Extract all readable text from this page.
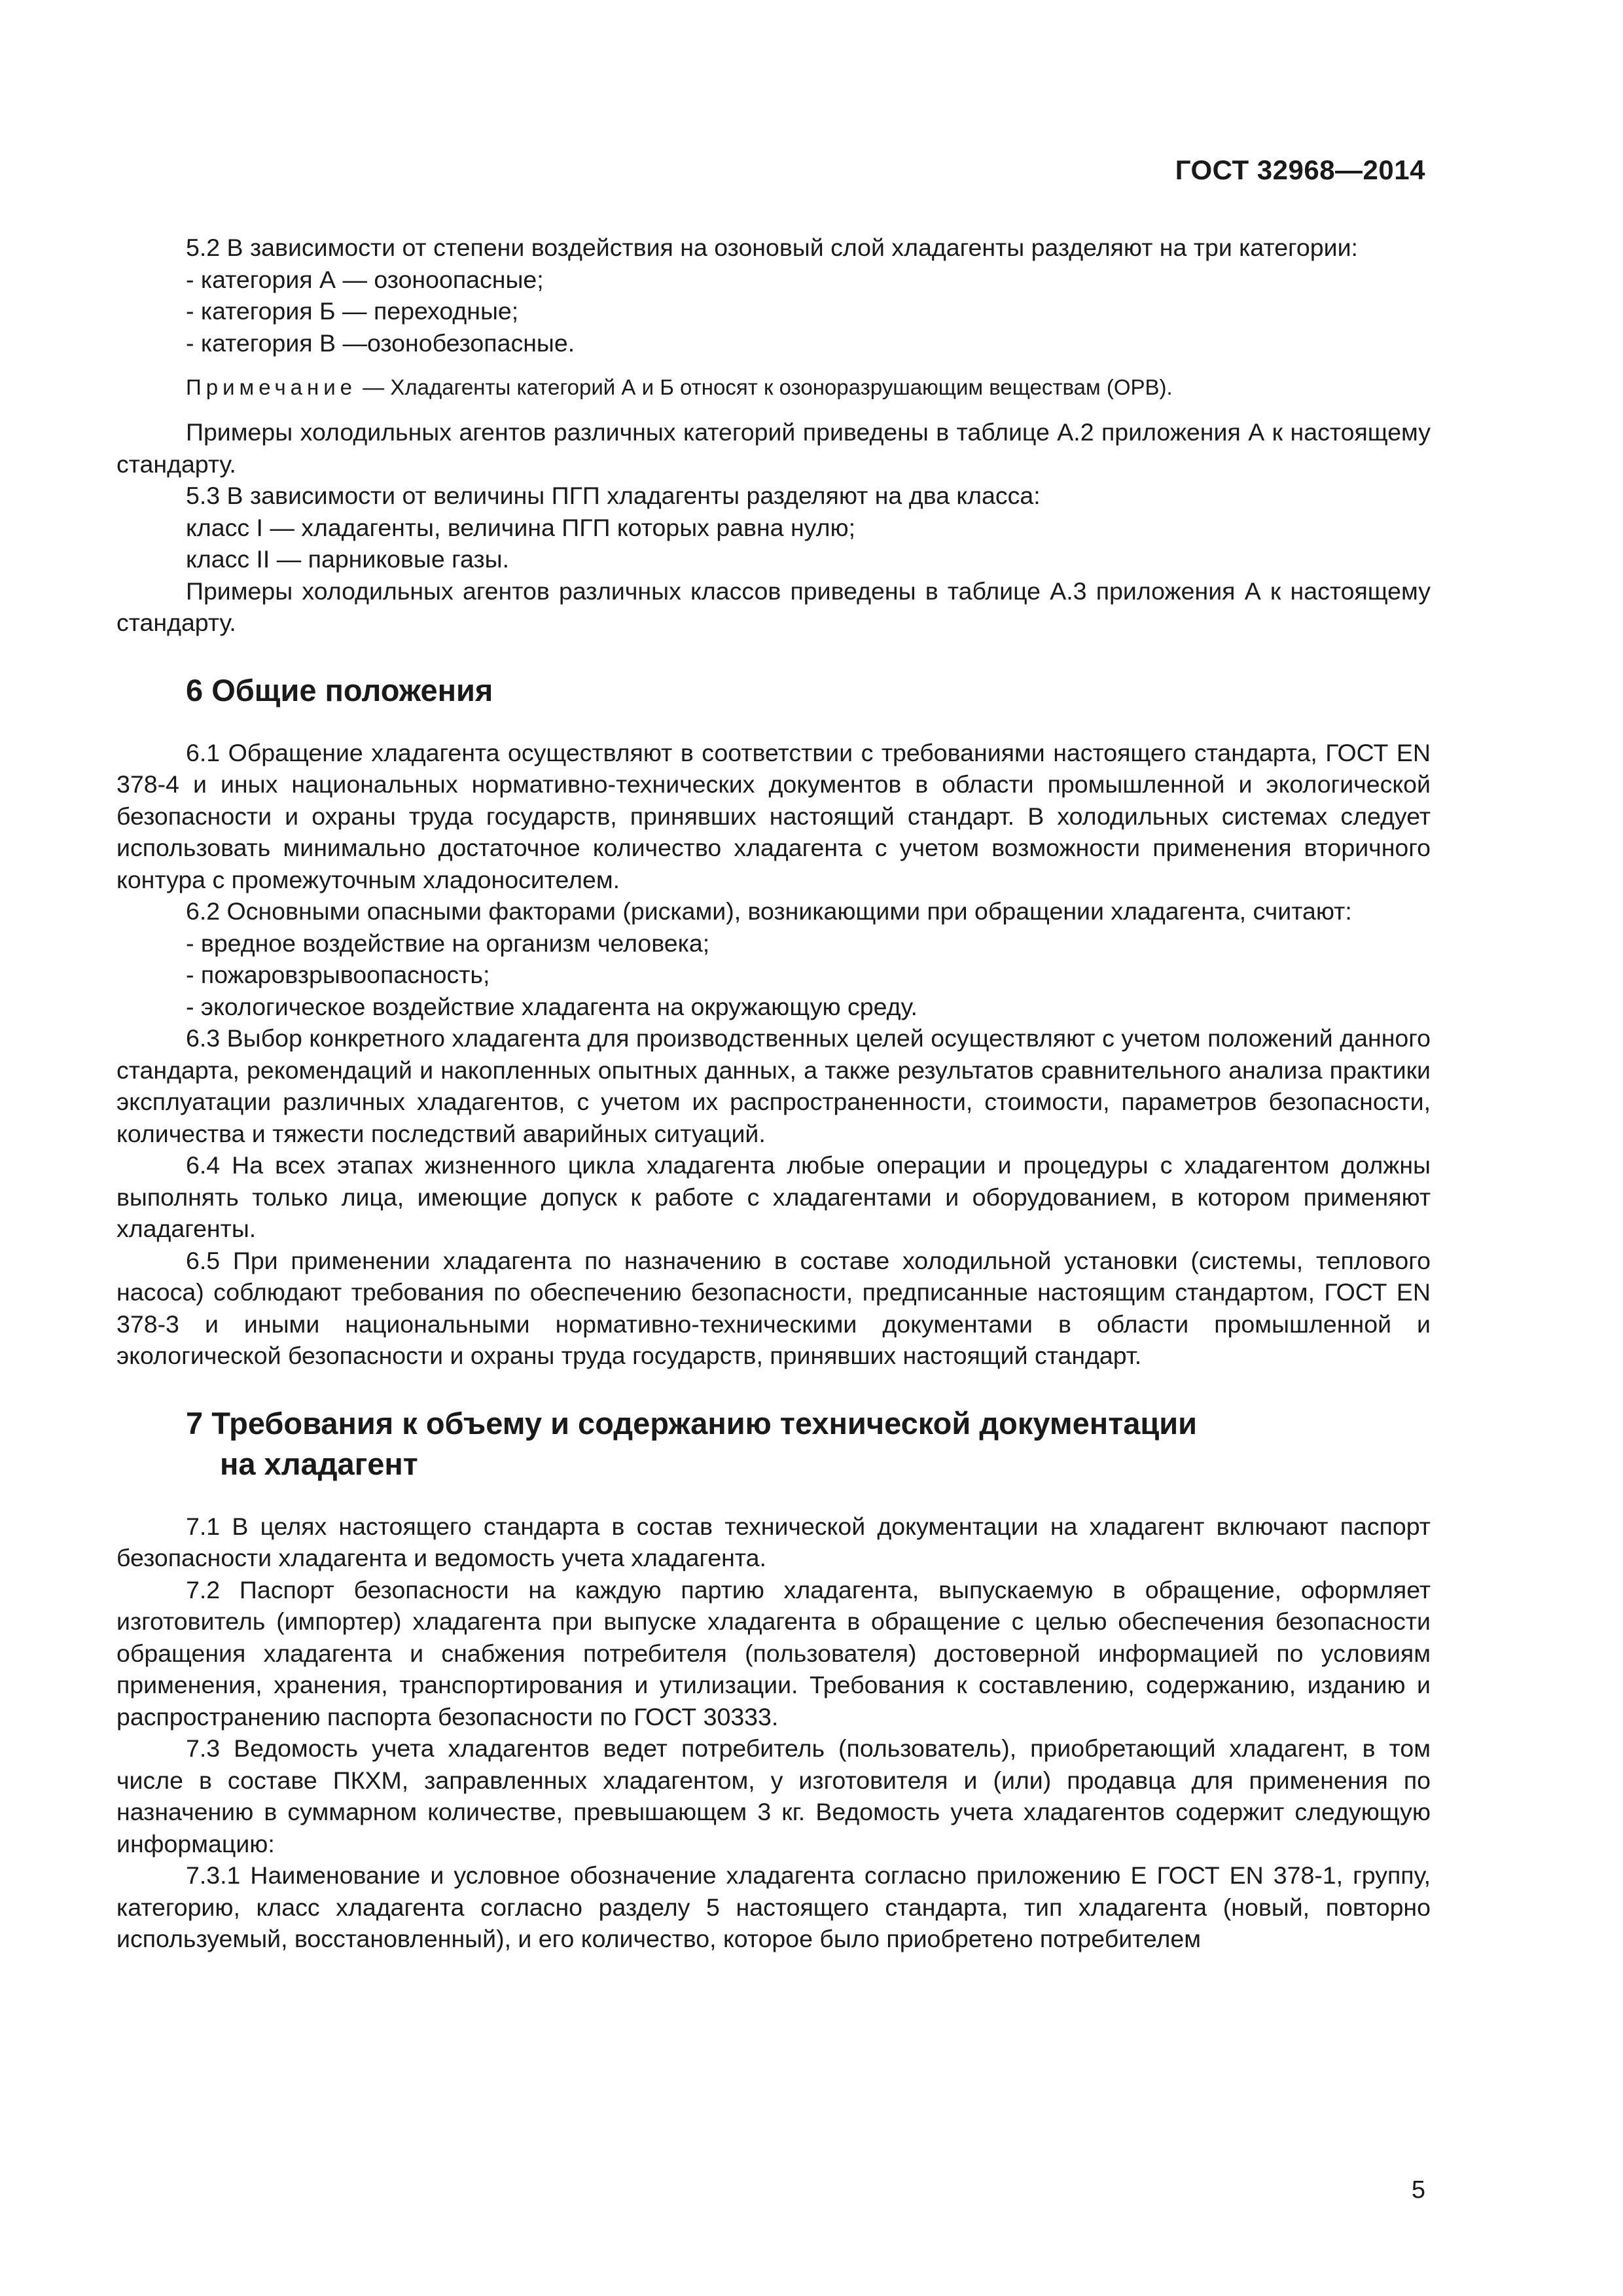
ГОСТ 32968—2014

5.2 В зависимости от степени воздействия на озоновый слой хладагенты разделяют на три категории:

- категория А — озоноопасные;

- категория Б — переходные;

- категория В —озонобезопасные.

Примечание — Хладагенты категорий А и Б относят к озоноразрушающим веществам (ОРВ).

Примеры холодильных агентов различных категорий приведены в таблице А.2 приложения А к настоящему стандарту.

5.3 В зависимости от величины ПГП хладагенты разделяют на два класса:

класс I — хладагенты, величина ПГП которых равна нулю;

класс II — парниковые газы.

Примеры холодильных агентов различных классов приведены в таблице А.3 приложения А к настоящему стандарту.

6 Общие положения

6.1 Обращение хладагента осуществляют в соответствии с требованиями настоящего стандарта, ГОСТ EN 378-4 и иных национальных нормативно-технических документов в области промышленной и экологической безопасности и охраны труда государств, принявших настоящий стандарт. В холодильных системах следует использовать минимально достаточное количество хладагента с учетом возможности применения вторичного контура с промежуточным хладоносителем.

6.2 Основными опасными факторами (рисками), возникающими при обращении хладагента, считают:

- вредное воздействие на организм человека;

- пожаровзрывоопасность;

- экологическое воздействие хладагента на окружающую среду.

6.3 Выбор конкретного хладагента для производственных целей осуществляют с учетом положений данного стандарта, рекомендаций и накопленных опытных данных, а также результатов сравнительного анализа практики эксплуатации различных хладагентов, с учетом их распространенности, стоимости, параметров безопасности, количества и тяжести последствий аварийных ситуаций.

6.4 На всех этапах жизненного цикла хладагента любые операции и процедуры с хладагентом должны выполнять только лица, имеющие допуск к работе с хладагентами и оборудованием, в котором применяют хладагенты.

6.5 При применении хладагента по назначению в составе холодильной установки (системы, теплового насоса) соблюдают требования по обеспечению безопасности, предписанные настоящим стандартом, ГОСТ EN 378-3 и иными национальными нормативно-техническими документами в области промышленной и экологической безопасности и охраны труда государств, принявших настоящий стандарт.

7 Требования к объему и содержанию технической документации
на хладагент

7.1 В целях настоящего стандарта в состав технической документации на хладагент включают паспорт безопасности хладагента и ведомость учета хладагента.

7.2 Паспорт безопасности на каждую партию хладагента, выпускаемую в обращение, оформляет изготовитель (импортер) хладагента при выпуске хладагента в обращение с целью обеспечения безопасности обращения хладагента и снабжения потребителя (пользователя) достоверной информацией по условиям применения, хранения, транспортирования и утилизации. Требования к составлению, содержанию, изданию и распространению паспорта безопасности по ГОСТ 30333.

7.3 Ведомость учета хладагентов ведет потребитель (пользователь), приобретающий хладагент, в том числе в составе ПКХМ, заправленных хладагентом, у изготовителя и (или) продавца для применения по назначению в суммарном количестве, превышающем 3 кг. Ведомость учета хладагентов содержит следующую информацию:

7.3.1 Наименование и условное обозначение хладагента согласно приложению Е ГОСТ EN 378-1, группу, категорию, класс хладагента согласно разделу 5 настоящего стандарта, тип хладагента (новый, повторно используемый, восстановленный), и его количество, которое было приобретено потребителем

5
